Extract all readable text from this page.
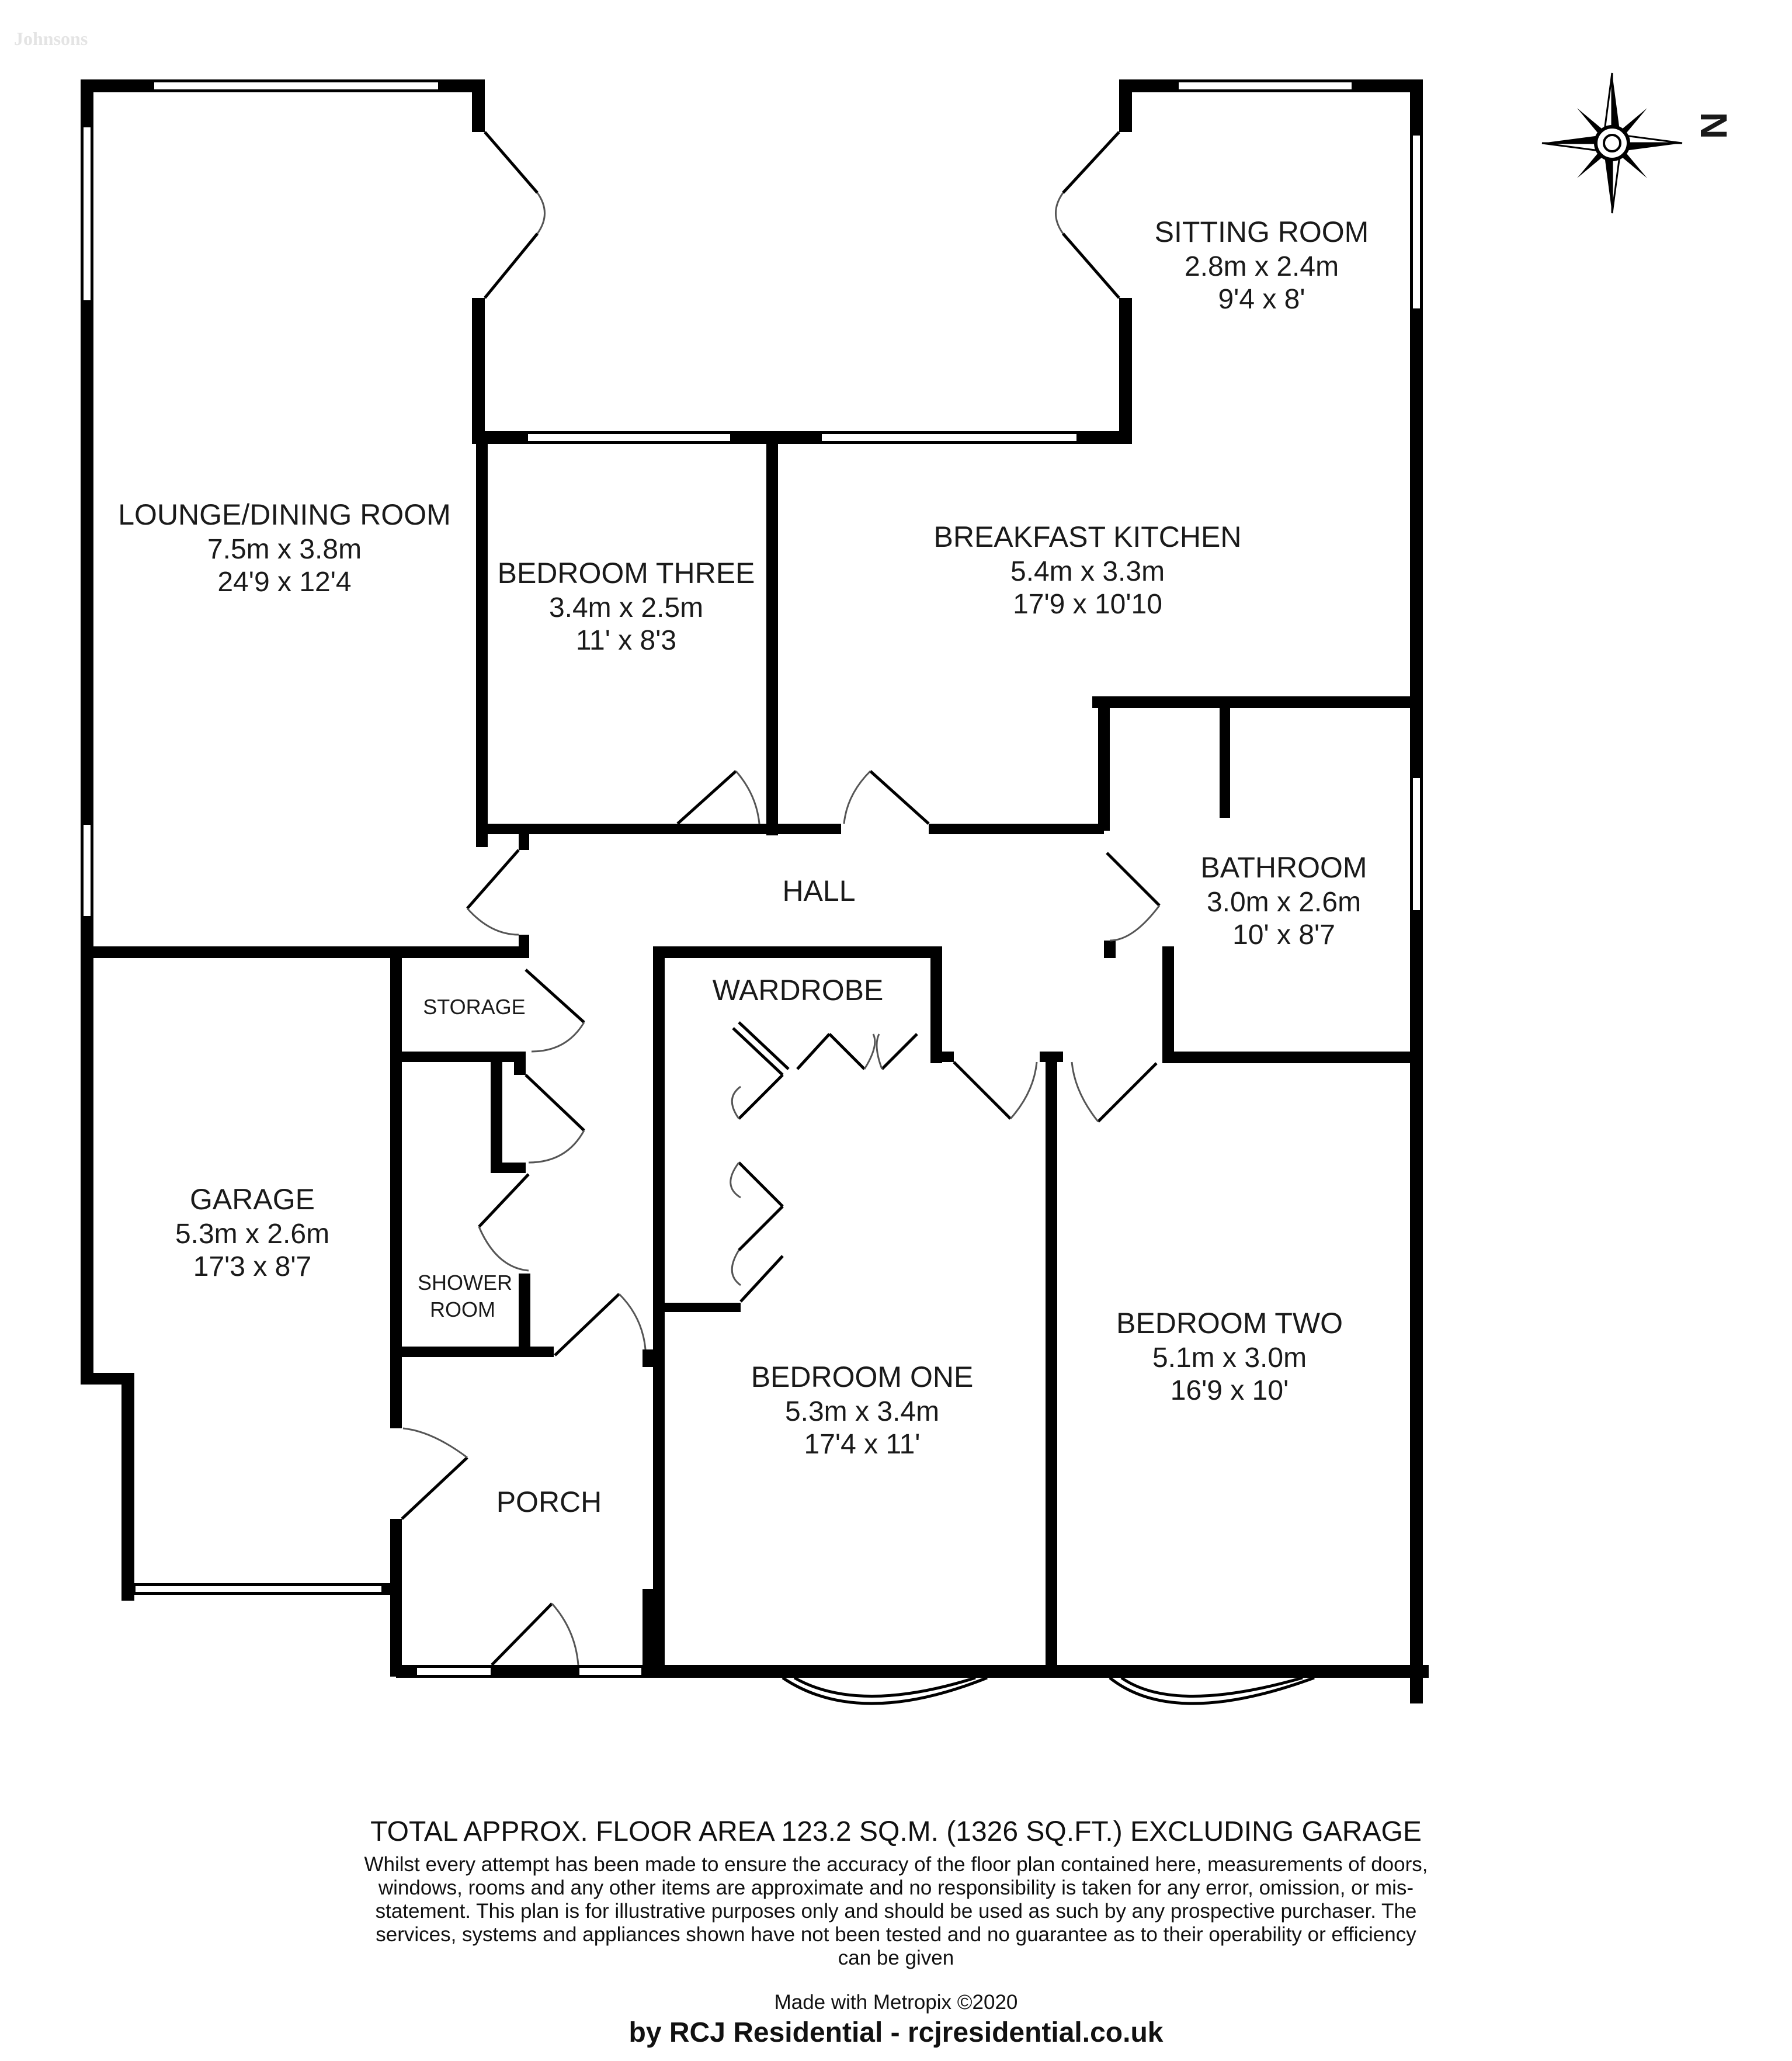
Johnsons
N
LOUNGE/DINING ROOM
7.5m x 3.8m
24'9 x 12'4
SITTING ROOM
2.8m x 2.4m
9'4 x 8'
BEDROOM THREE
3.4m x 2.5m
11' x 8'3
BREAKFAST KITCHEN
5.4m x 3.3m
17'9 x 10'10
BATHROOM
3.0m x 2.6m
10' x 8'7
HALL
STORAGE
WARDROBE
GARAGE
5.3m x 2.6m
17'3 x 8'7
SHOWER
ROOM
BEDROOM ONE
5.3m x 3.4m
17'4 x 11'
BEDROOM TWO
5.1m x 3.0m
16'9 x 10'
PORCH
TOTAL APPROX. FLOOR AREA 123.2 SQ.M. (1326 SQ.FT.) EXCLUDING GARAGE
Whilst every attempt has been made to ensure the accuracy of the floor plan contained here, measurements of doors, windows, rooms and any other items are approximate and no responsibility is taken for any error, omission, or mis-statement. This plan is for illustrative purposes only and should be used as such by any prospective purchaser. The services, systems and appliances shown have not been tested and no guarantee as to their operability or efficiency can be given
Made with Metropix ©2020
by RCJ Residential - rcjresidential.co.uk
